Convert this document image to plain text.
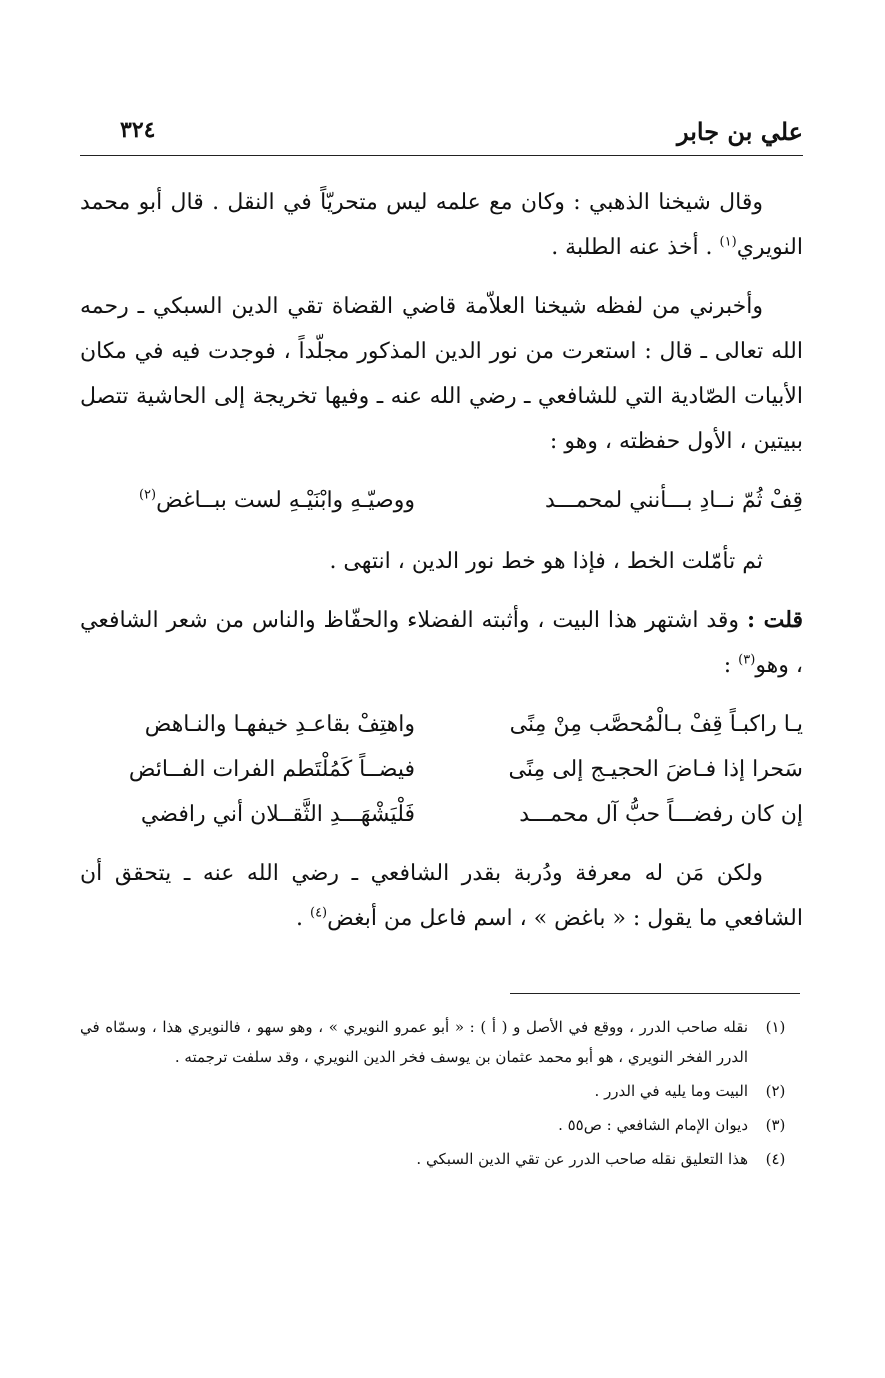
علي بن جابر
٣٢٤

وقال شيخنا الذهبي : وكان مع علمه ليس متحريّاً في النقل . قال أبو محمد النويري$^{(١)}$ . أخذ عنه الطلبة .

وأخبرني من لفظه شيخنا العلاّمة قاضي القضاة تقي الدين السبكي ـ رحمه الله تعالى ـ قال : استعرت من نور الدين المذكور مجلّداً ، فوجدت فيه في مكان الأبيات الصّادية التي للشافعي ـ رضي الله عنه ـ وفيها تخريجة إلى الحاشية تتصل ببيتين ، الأول حفظته ، وهو :

قِفْ ثُمّ نــادِ بـــأنني لمحمـــد
ووصيّـهِ وابْنَيْـهِ لست ببــاغض$^{(٢)}$

ثم تأمّلت الخط ، فإذا هو خط نور الدين ، انتهى .

قلت : وقد اشتهر هذا البيت ، وأثبته الفضلاء والحفّاظ والناس من شعر الشافعي ، وهو$^{(٣)}$ :

يـا راكبـاً قِفْ بـالْمُحصَّب مِنْ مِنًى
واهتِفْ بقاعـدِ خيفهـا والنـاهض
سَحرا إذا فـاضَ الحجيـج إلى مِنًى
فيضــاً كَمُلْتَطم الفرات الفــائض
إن كان رفضـــاً حبُّ آل محمـــد
فَلْيَشْهَـــدِ الثَّقــلان أني رافضي

ولكن مَن له معرفة ودُربة بقدر الشافعي ـ رضي الله عنه ـ يتحقق أن الشافعي ما يقول : « باغض » ، اسم فاعل من أبغض$^{(٤)}$ .

(١)
نقله صاحب الدرر ، ووقع في الأصل و ( أ ) : « أبو عمرو النويري » ، وهو سهو ، فالنويري هذا ، وسمّاه في الدرر الفخر النويري ، هو أبو محمد عثمان بن يوسف فخر الدين النويري ، وقد سلفت ترجمته .
(٢)
البيت وما يليه في الدرر .
(٣)
ديوان الإمام الشافعي : ص٥٥ .
(٤)
هذا التعليق نقله صاحب الدرر عن تقي الدين السبكي .
